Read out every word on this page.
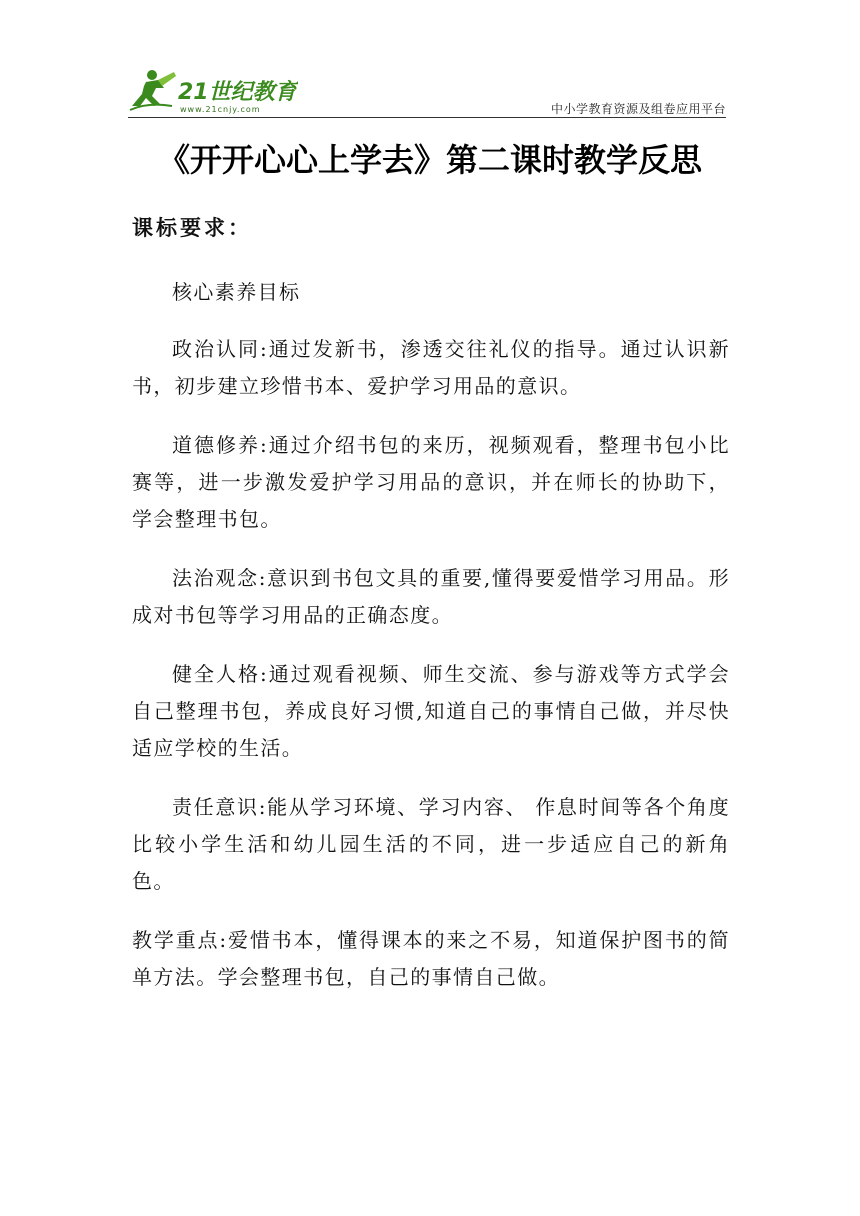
21世纪教育
www.21cnjy.com	中小学教育资源及组卷应用平台
《开开心心上学去》第二课时教学反思
课标要求：

核心素养目标

政治认同:通过发新书，渗透交往礼仪的指导。通过认识新书，初步建立珍惜书本、爱护学习用品的意识。

道德修养:通过介绍书包的来历，视频观看，整理书包小比赛等，进一步激发爱护学习用品的意识，并在师长的协助下，学会整理书包。

法治观念:意识到书包文具的重要,懂得要爱惜学习用品。形成对书包等学习用品的正确态度。

健全人格:通过观看视频、师生交流、参与游戏等方式学会自己整理书包，养成良好习惯,知道自己的事情自己做，并尽快适应学校的生活。

责任意识:能从学习环境、学习内容、 作息时间等各个角度比较小学生活和幼儿园生活的不同，进一步适应自己的新角色。

教学重点:爱惜书本，懂得课本的来之不易，知道保护图书的简单方法。学会整理书包，自己的事情自己做。
